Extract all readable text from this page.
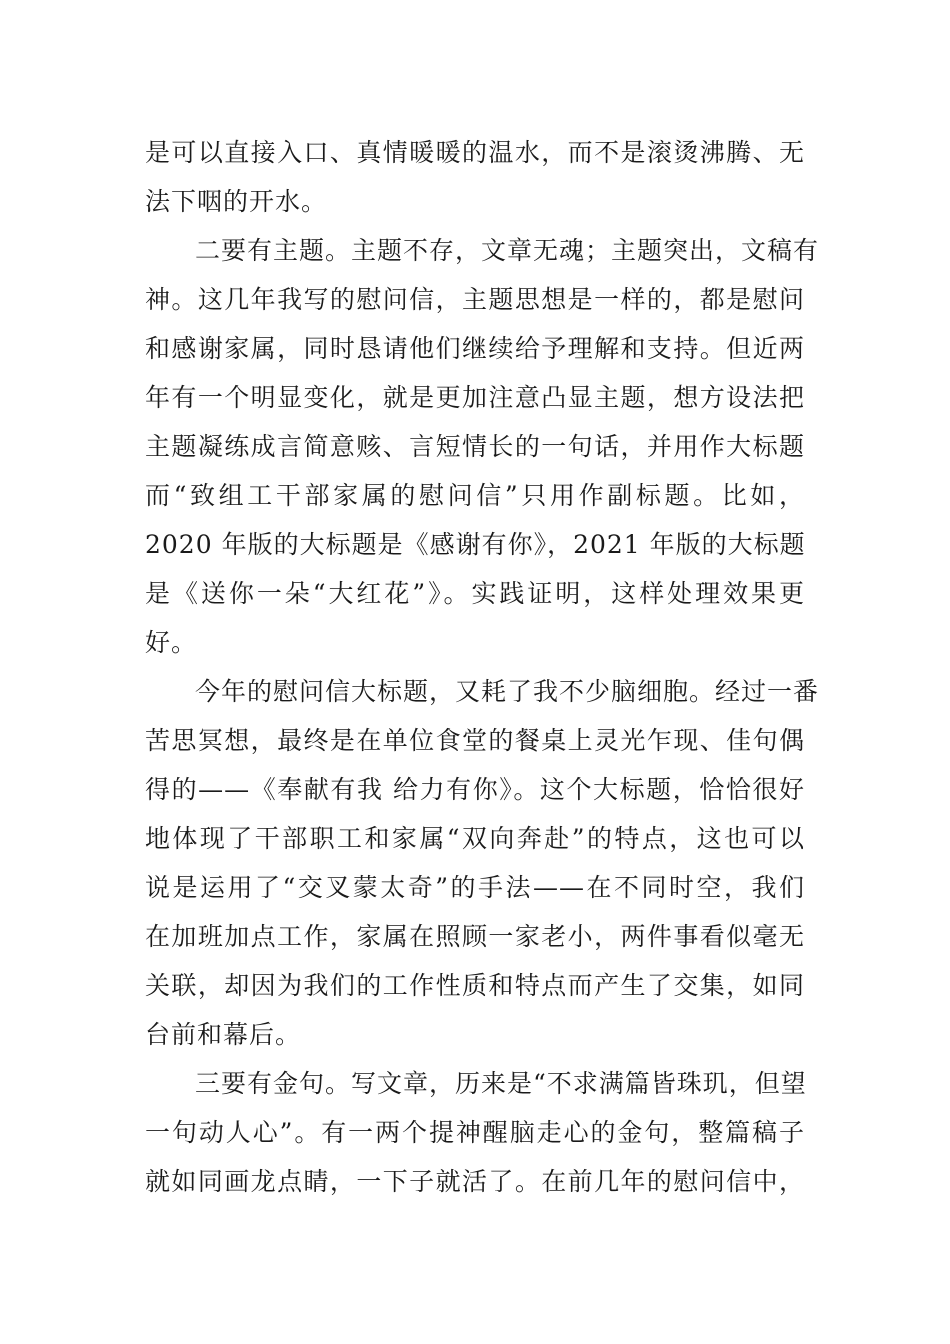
是可以直接入口、真情暖暖的温水，而不是滚烫沸腾、无
法下咽的开水。
二要有主题。主题不存，文章无魂；主题突出，文稿有
神。这几年我写的慰问信，主题思想是一样的，都是慰问
和感谢家属，同时恳请他们继续给予理解和支持。但近两
年有一个明显变化，就是更加注意凸显主题，想方设法把
主题凝练成言简意赅、言短情长的一句话，并用作大标题
而“致组工干部家属的慰问信”只用作副标题。比如，
2020 年版的大标题是《感谢有你》，2021 年版的大标题
是《送你一朵“大红花”》。实践证明，这样处理效果更
好。
今年的慰问信大标题，又耗了我不少脑细胞。经过一番
苦思冥想，最终是在单位食堂的餐桌上灵光乍现、佳句偶
得的——《奉献有我 给力有你》。这个大标题，恰恰很好
地体现了干部职工和家属“双向奔赴”的特点，这也可以
说是运用了“交叉蒙太奇”的手法——在不同时空，我们
在加班加点工作，家属在照顾一家老小，两件事看似毫无
关联，却因为我们的工作性质和特点而产生了交集，如同
台前和幕后。
三要有金句。写文章，历来是“不求满篇皆珠玑，但望
一句动人心”。有一两个提神醒脑走心的金句，整篇稿子
就如同画龙点睛，一下子就活了。在前几年的慰问信中，
